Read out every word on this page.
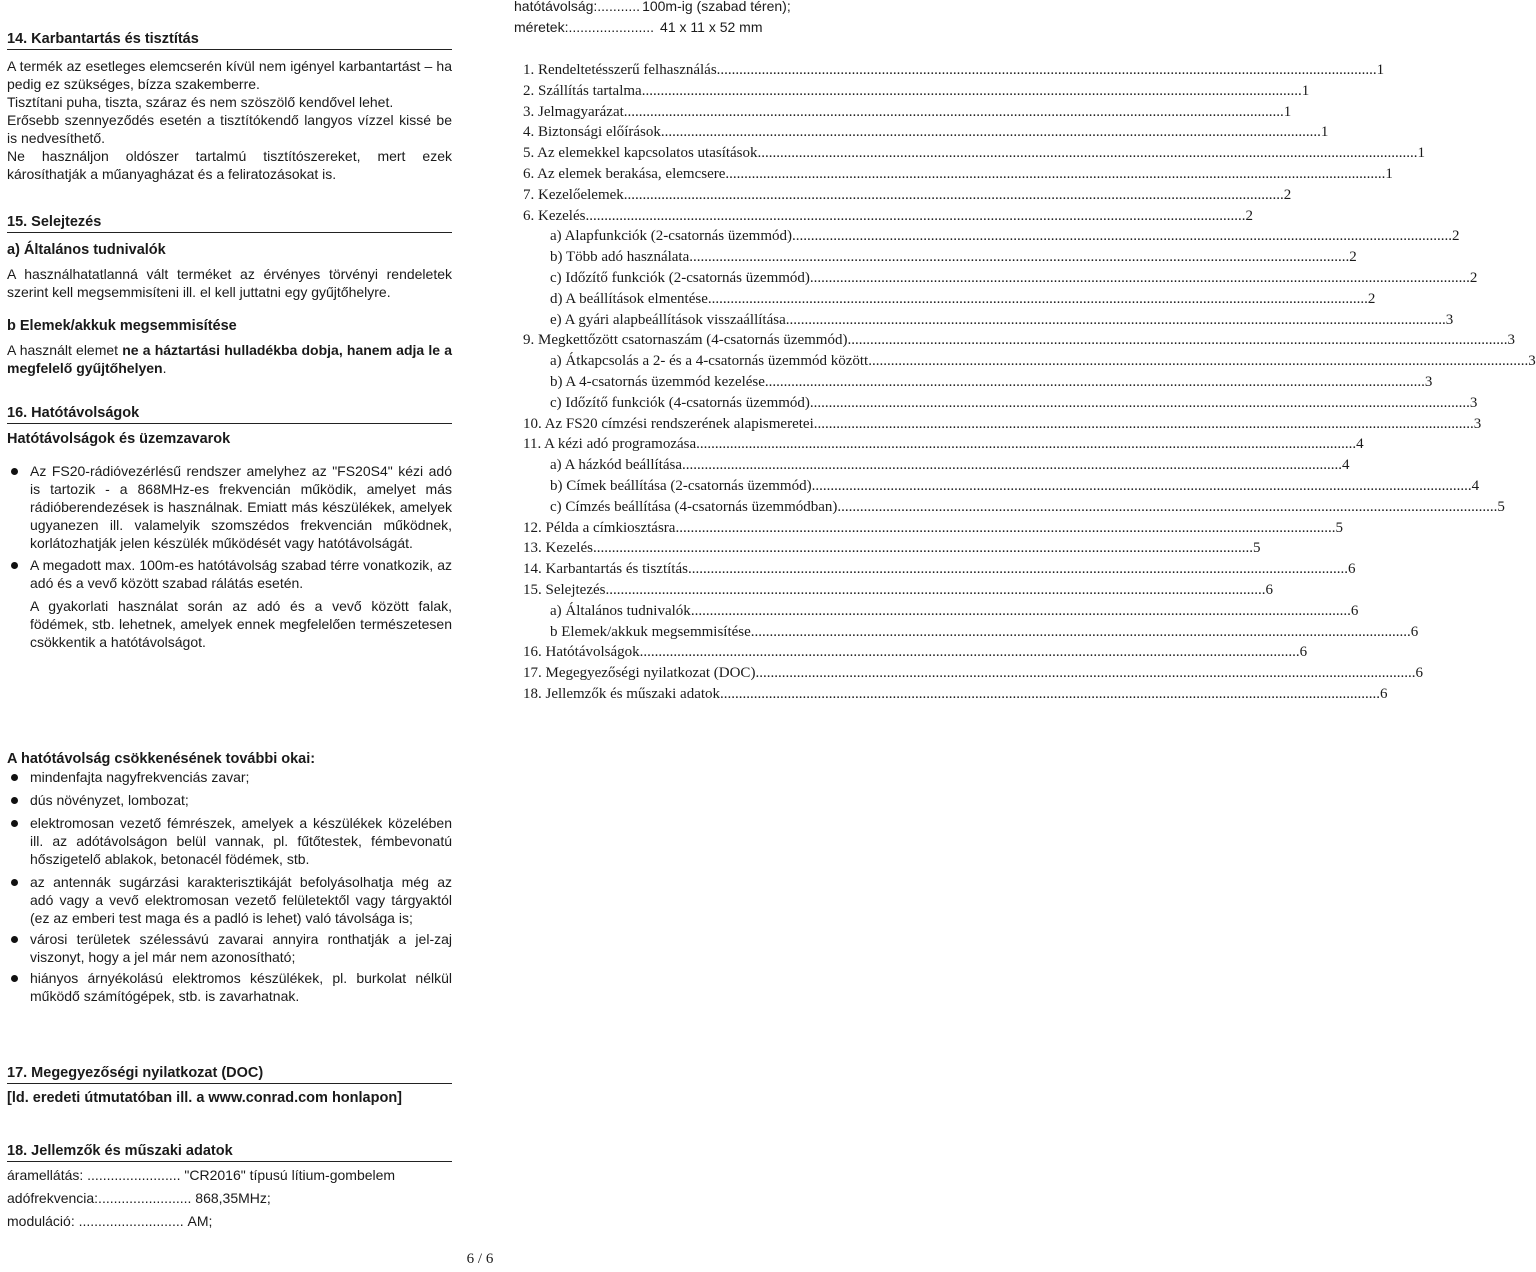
14. Karbantartás és tisztítás

A termék az esetleges elemcserén kívül nem igényel karbantartást – ha pedig ez szükséges, bízza szakemberre.

Tisztítani puha, tiszta, száraz és nem szöszölő kendővel lehet.

Erősebb szennyeződés esetén a tisztítókendő langyos vízzel kissé be is nedvesíthető.

Ne használjon oldószer tartalmú tisztítószereket, mert ezek károsíthatják a műanyagházat és a feliratozásokat is.

15. Selejtezés
a) Általános tudnivalók

A használhatatlanná vált terméket az érvényes törvényi rendeletek szerint kell megsemmisíteni ill. el kell juttatni egy gyűjtőhelyre.

b Elemek/akkuk megsemmisítése

A használt elemet ne a háztartási hulladékba dobja, hanem adja le a megfelelő gyűjtőhelyen.

16. Hatótávolságok
Hatótávolságok és üzemzavarok
Az FS20-rádióvezérlésű rendszer amelyhez az "FS20S4" kézi adó is tartozik - a 868MHz-es frekvencián működik, amelyet más rádióberendezések is használnak. Emiatt más készülékek, amelyek ugyanezen ill. valamelyik szomszédos frekvencián működnek, korlátozhatják jelen készülék működését vagy hatótávolságát.
A megadott max. 100m-es hatótávolság szabad térre vonatkozik, az adó és a vevő között szabad rálátás esetén.

A gyakorlati használat során az adó és a vevő között falak, födémek, stb. lehetnek, amelyek ennek megfelelően természetesen csökkentik a hatótávolságot.

A hatótávolság csökkenésének további okai:
mindenfajta nagyfrekvenciás zavar;
dús növényzet, lombozat;
elektromosan vezető fémrészek, amelyek a készülékek közelében ill. az adótávolságon belül vannak, pl. fűtőtestek, fémbevonatú hőszigetelő ablakok, betonacél födémek, stb.
az antennák sugárzási karakterisztikáját befolyásolhatja még az adó vagy a vevő elektromosan vezető felületektől vagy tárgyaktól (ez az emberi test maga és a padló is lehet) való távolsága is;
városi területek szélessávú zavarai annyira ronthatják a jel-zaj viszonyt, hogy a jel már nem azonosítható;
hiányos árnyékolású elektromos készülékek, pl. burkolat nélkül működő számítógépek, stb. is zavarhatnak.
17. Megegyezőségi nyilatkozat (DOC)
[ld. eredeti útmutatóban ill. a www.conrad.com honlapon]
18. Jellemzők és műszaki adatok
áramellátás: ........................ "CR2016" típusú lítium-gombelem
adófrekvencia:........................ 868,35MHz;
moduláció: ........................... AM;
hatótávolság:........... 100m-ig (szabad téren);
méretek:...................... 41 x 11 x 52 mm
1. Rendeltetésszerű felhasználás .....	1
2. Szállítás tartalma .....	1
3. Jelmagyarázat .....	1
4. Biztonsági előírások .....	1
5. Az elemekkel kapcsolatos utasítások .....	1
6. Az elemek berakása, elemcsere .....	1
7. Kezelőelemek .....	2
6. Kezelés .....	2
a) Alapfunkciók (2-csatornás üzemmód) .....	2
b) Több adó használata .....	2
c) Időzítő funkciók (2-csatornás üzemmód) .....	2
d) A beállítások elmentése .....	2
e) A gyári alapbeállítások visszaállítása .....	3
9. Megkettőzött csatornaszám (4-csatornás üzemmód) .....	3
a) Átkapcsolás a 2- és a 4-csatornás üzemmód között .....	3
b) A 4-csatornás üzemmód kezelése .....	3
c) Időzítő funkciók (4-csatornás üzemmód) .....	3
10. Az FS20 címzési rendszerének alapismeretei .....	3
11. A kézi adó programozása .....	4
a) A házkód beállítása .....	4
b) Címek beállítása (2-csatornás üzemmód) .....	4
c) Címzés beállítása (4-csatornás üzemmódban) .....	5
12. Példa a címkiosztásra .....	5
13. Kezelés .....	5
14. Karbantartás és tisztítás .....	6
15. Selejtezés .....	6
a) Általános tudnivalók .....	6
b Elemek/akkuk megsemmisítése .....	6
16. Hatótávolságok .....	6
17. Megegyezőségi nyilatkozat (DOC) .....	6
18. Jellemzők és műszaki adatok .....	6
6 / 6
